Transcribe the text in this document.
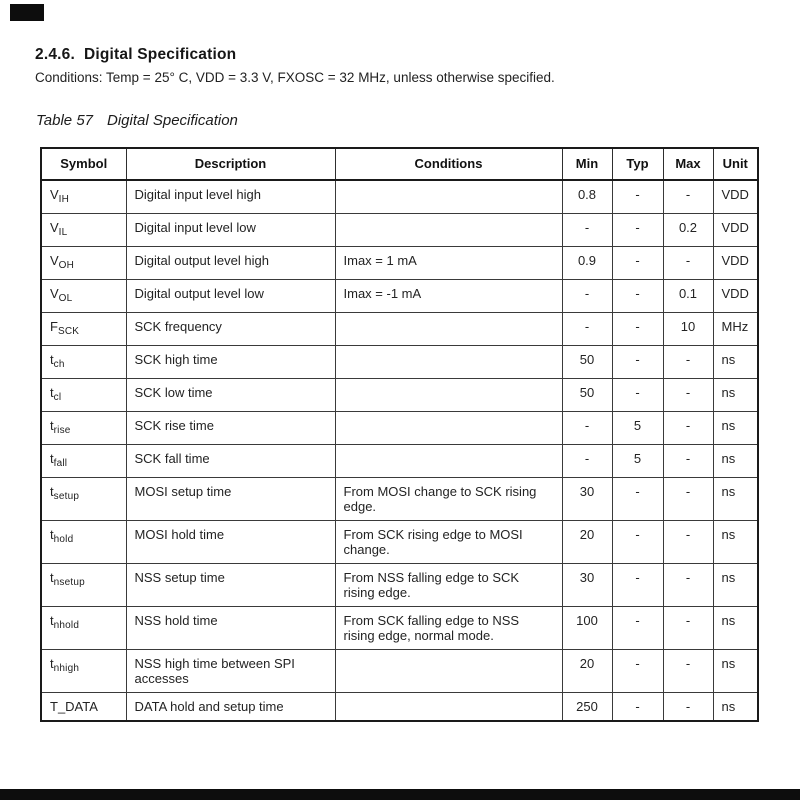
2.4.6. Digital Specification
Conditions: Temp = 25° C, VDD = 3.3 V, FXOSC = 32 MHz, unless otherwise specified.
Table 57 Digital Specification
Symbol	Description	Conditions	Min	Typ	Max	Unit
$V_{IH}$	Digital input level high		0.8	-	-	VDD
$V_{IL}$	Digital input level low		-	-	0.2	VDD
$V_{OH}$	Digital output level high	Imax = 1 mA	0.9	-	-	VDD
$V_{OL}$	Digital output level low	Imax = -1 mA	-	-	0.1	VDD
$F_{SCK}$	SCK frequency		-	-	10	MHz
$t_{ch}$	SCK high time		50	-	-	ns
$t_{cl}$	SCK low time		50	-	-	ns
$t_{rise}$	SCK rise time		-	5	-	ns
$t_{fall}$	SCK fall time		-	5	-	ns
$t_{setup}$	MOSI setup time	From MOSI change to SCK rising edge.	30	-	-	ns
$t_{hold}$	MOSI hold time	From SCK rising edge to MOSI change.	20	-	-	ns
$t_{nsetup}$	NSS setup time	From NSS falling edge to SCK rising edge.	30	-	-	ns
$t_{nhold}$	NSS hold time	From SCK falling edge to NSS rising edge, normal mode.	100	-	-	ns
$t_{nhigh}$	NSS high time between SPI accesses		20	-	-	ns
T_DATA	DATA hold and setup time		250	-	-	ns
